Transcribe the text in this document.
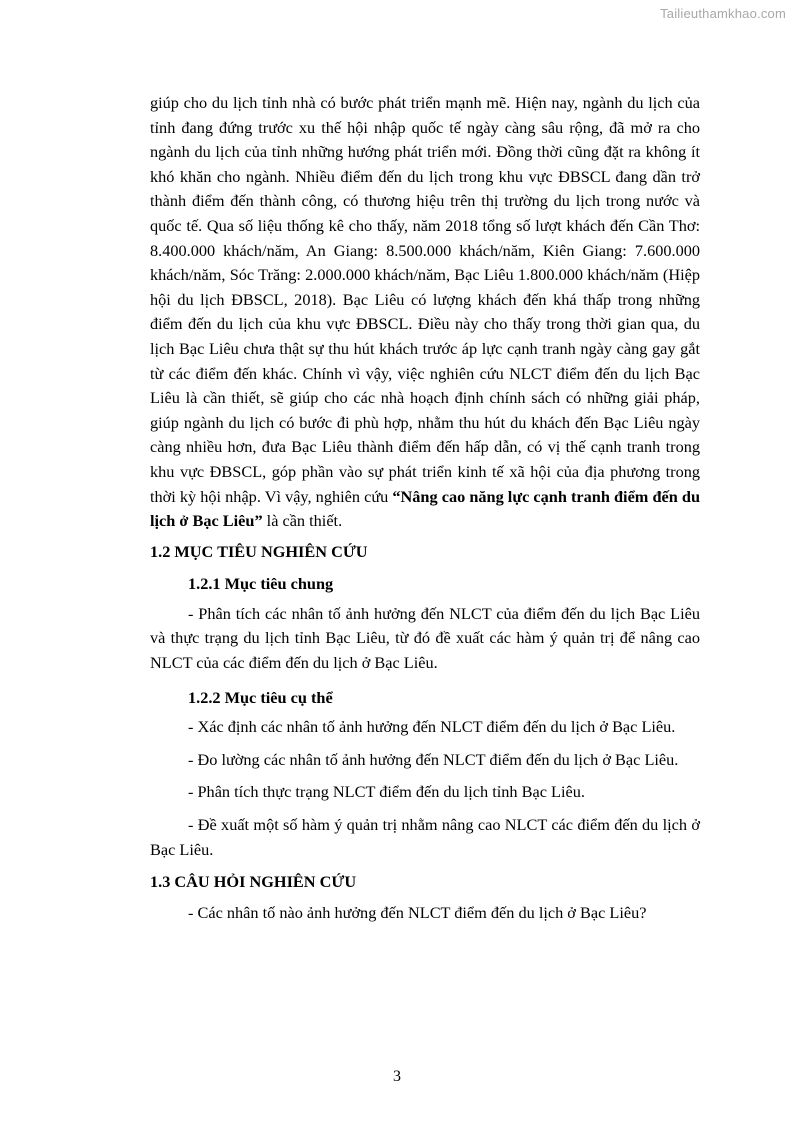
Tailieuthamkhao.com

giúp cho du lịch tỉnh nhà có bước phát triển mạnh mẽ. Hiện nay, ngành du lịch của tỉnh đang đứng trước xu thế hội nhập quốc tế ngày càng sâu rộng, đã mở ra cho ngành du lịch của tỉnh những hướng phát triển mới. Đồng thời cũng đặt ra không ít khó khăn cho ngành. Nhiều điểm đến du lịch trong khu vực ĐBSCL đang dần trở thành điểm đến thành công, có thương hiệu trên thị trường du lịch trong nước và quốc tế. Qua số liệu thống kê cho thấy, năm 2018 tổng số lượt khách đến Cần Thơ: 8.400.000 khách/năm, An Giang: 8.500.000 khách/năm, Kiên Giang: 7.600.000 khách/năm, Sóc Trăng: 2.000.000 khách/năm, Bạc Liêu 1.800.000 khách/năm (Hiệp hội du lịch ĐBSCL, 2018). Bạc Liêu có lượng khách đến khá thấp trong những điểm đến du lịch của khu vực ĐBSCL. Điều này cho thấy trong thời gian qua, du lịch Bạc Liêu chưa thật sự thu hút khách trước áp lực cạnh tranh ngày càng gay gắt từ các điểm đến khác. Chính vì vậy, việc nghiên cứu NLCT điểm đến du lịch Bạc Liêu là cần thiết, sẽ giúp cho các nhà hoạch định chính sách có những giải pháp, giúp ngành du lịch có bước đi phù hợp, nhằm thu hút du khách đến Bạc Liêu ngày càng nhiều hơn, đưa Bạc Liêu thành điểm đến hấp dẫn, có vị thế cạnh tranh trong khu vực ĐBSCL, góp phần vào sự phát triển kinh tế xã hội của địa phương trong thời kỳ hội nhập. Vì vậy, nghiên cứu “Nâng cao năng lực cạnh tranh điểm đến du lịch ở Bạc Liêu” là cần thiết.

1.2 MỤC TIÊU NGHIÊN CỨU

1.2.1 Mục tiêu chung

- Phân tích các nhân tố ảnh hưởng đến NLCT của điểm đến du lịch Bạc Liêu và thực trạng du lịch tỉnh Bạc Liêu, từ đó đề xuất các hàm ý quản trị để nâng cao NLCT của các điểm đến du lịch ở Bạc Liêu.

1.2.2 Mục tiêu cụ thể

- Xác định các nhân tố ảnh hưởng đến NLCT điểm đến du lịch ở Bạc Liêu.

- Đo lường các nhân tố ảnh hưởng đến NLCT điểm đến du lịch ở Bạc Liêu.

- Phân tích thực trạng NLCT điểm đến du lịch tỉnh Bạc Liêu.

- Đề xuất một số hàm ý quản trị nhằm nâng cao NLCT các điểm đến du lịch ở Bạc Liêu.

1.3 CÂU HỎI NGHIÊN CỨU

- Các nhân tố nào ảnh hưởng đến NLCT điểm đến du lịch ở Bạc Liêu?

3
